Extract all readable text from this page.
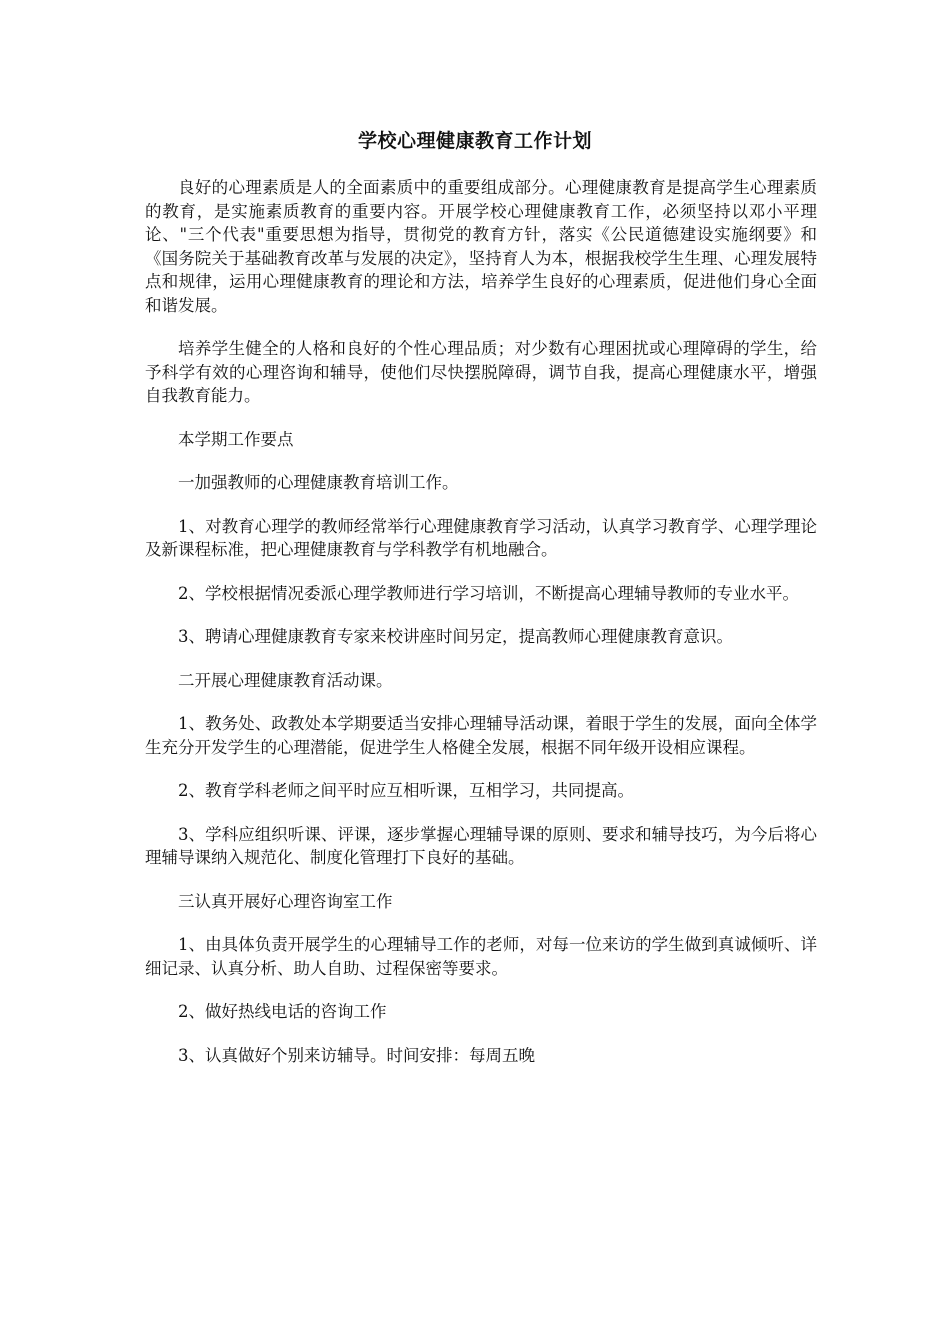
学校心理健康教育工作计划

良好的心理素质是人的全面素质中的重要组成部分。心理健康教育是提高学生心理素质的教育，是实施素质教育的重要内容。开展学校心理健康教育工作，必须坚持以邓小平理论、"三个代表"重要思想为指导，贯彻党的教育方针，落实《公民道德建设实施纲要》和《国务院关于基础教育改革与发展的决定》，坚持育人为本，根据我校学生生理、心理发展特点和规律，运用心理健康教育的理论和方法，培养学生良好的心理素质，促进他们身心全面和谐发展。

培养学生健全的人格和良好的个性心理品质；对少数有心理困扰或心理障碍的学生，给予科学有效的心理咨询和辅导，使他们尽快摆脱障碍，调节自我，提高心理健康水平，增强自我教育能力。

本学期工作要点

一加强教师的心理健康教育培训工作。

1、对教育心理学的教师经常举行心理健康教育学习活动，认真学习教育学、心理学理论及新课程标准，把心理健康教育与学科教学有机地融合。

2、学校根据情况委派心理学教师进行学习培训，不断提高心理辅导教师的专业水平。

3、聘请心理健康教育专家来校讲座时间另定，提高教师心理健康教育意识。

二开展心理健康教育活动课。

1、教务处、政教处本学期要适当安排心理辅导活动课，着眼于学生的发展，面向全体学生充分开发学生的心理潜能，促进学生人格健全发展，根据不同年级开设相应课程。

2、教育学科老师之间平时应互相听课，互相学习，共同提高。

3、学科应组织听课、评课，逐步掌握心理辅导课的原则、要求和辅导技巧，为今后将心理辅导课纳入规范化、制度化管理打下良好的基础。

三认真开展好心理咨询室工作

1、由具体负责开展学生的心理辅导工作的老师，对每一位来访的学生做到真诚倾听、详细记录、认真分析、助人自助、过程保密等要求。

2、做好热线电话的咨询工作

3、认真做好个别来访辅导。时间安排：每周五晚
